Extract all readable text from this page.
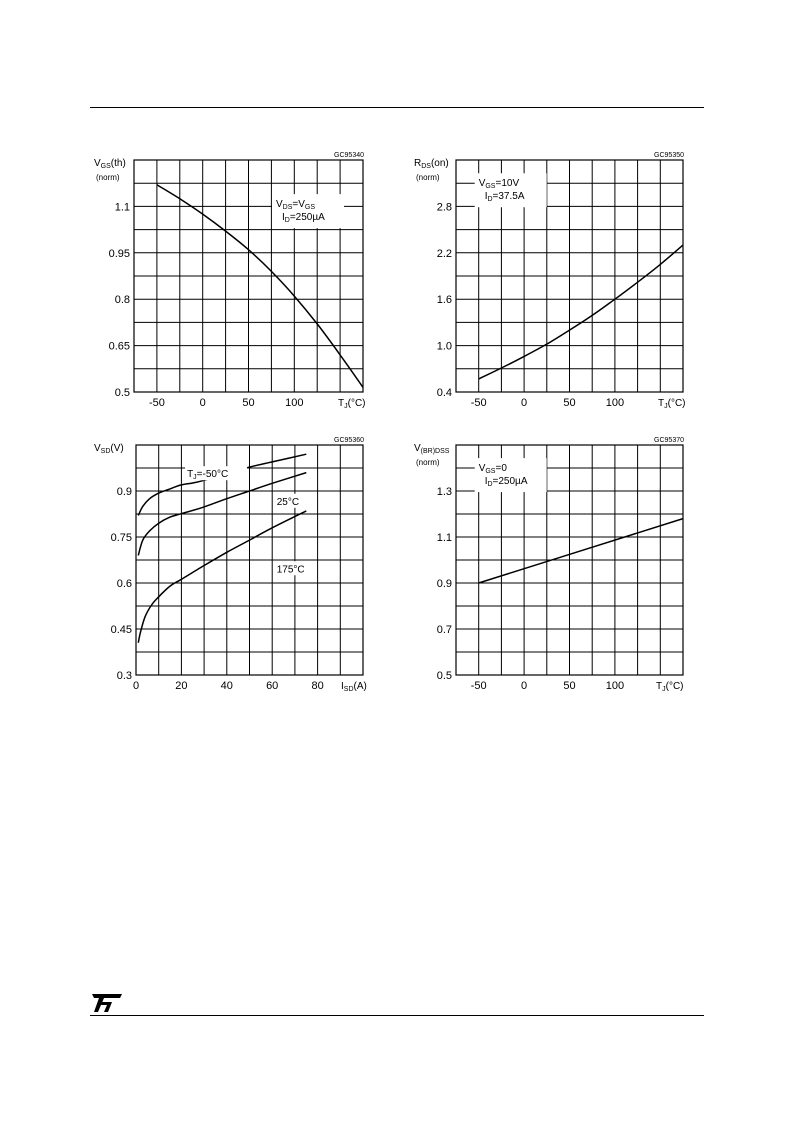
GC95340
$V_{GS}(th)$
(norm)
1.1
0.95
0.8
0.65
0.5
-50	0	50	100	$T_J(^\circ C)$
$V_{DS}=V_{GS}$
$I_D=250\mu A$
GC95350
$R_{DS}(on)$
(norm)
2.8
2.2
1.6
1.0
0.4
-50	0	50	100	$T_J(^\circ C)$
$V_{GS}=10V$
$I_D=37.5A$
GC95360
$V_{SD}(V)$
0.9
0.75
0.6
0.45
0.3
0	20	40	60	80 $I_{SD}(A)$
$T_J=-50^\circ C$
25°C
175°C
GC95370
$V_{(BR)DSS}$
(norm)
1.3
1.1
0.9
0.7
0.5
-50	0	50	100	$T_J(^\circ C)$
$V_{GS}=0$
$I_D=250\mu A$
ST
